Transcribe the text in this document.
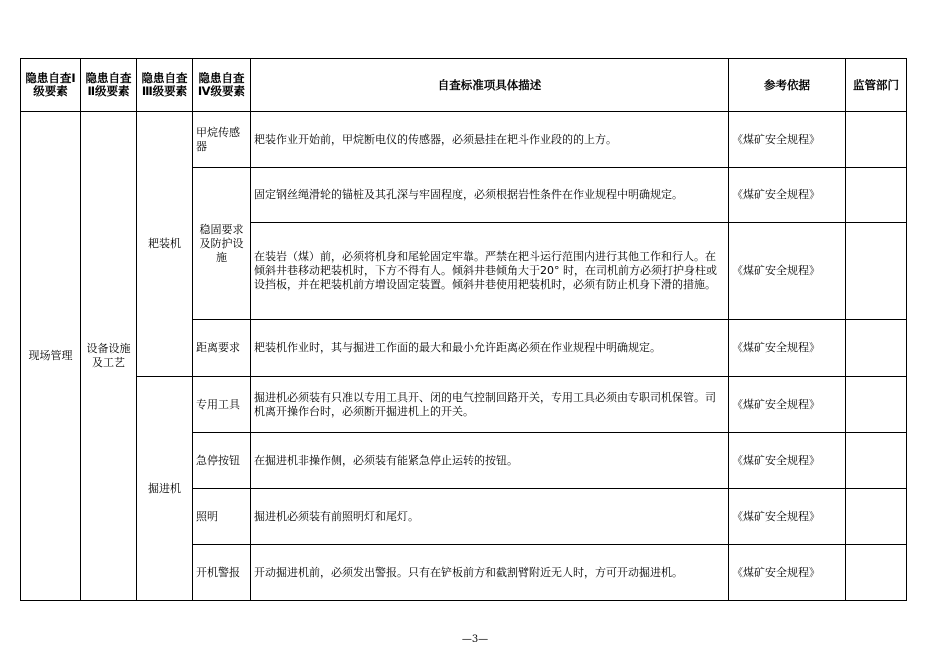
隐患自查Ⅰ级要素	隐患自查Ⅱ级要素	隐患自查Ⅲ级要素	隐患自查Ⅳ级要素	自查标准项具体描述	参考依据	监管部门
现场管理	设备设施及工艺	耙装机	甲烷传感器	耙装作业开始前，甲烷断电仪的传感器，必须悬挂在耙斗作业段的的上方。	《煤矿安全规程》	
			稳固要求及防护设施	固定钢丝绳滑轮的锚桩及其孔深与牢固程度，必须根据岩性条件在作业规程中明确规定。	《煤矿安全规程》	
				在装岩（煤）前，必须将机身和尾轮固定牢靠。严禁在耙斗运行范围内进行其他工作和行人。在倾斜井巷移动耙装机时，下方不得有人。倾斜井巷倾角大于20° 时，在司机前方必须打护身柱或设挡板，并在耙装机前方增设固定装置。倾斜井巷使用耙装机时，必须有防止机身下滑的措施。	《煤矿安全规程》	
			距离要求	耙装机作业时，其与掘进工作面的最大和最小允许距离必须在作业规程中明确规定。	《煤矿安全规程》	
		掘进机	专用工具	掘进机必须装有只准以专用工具开、闭的电气控制回路开关，专用工具必须由专职司机保管。司机离开操作台时，必须断开掘进机上的开关。	《煤矿安全规程》	
			急停按钮	在掘进机非操作侧，必须装有能紧急停止运转的按钮。	《煤矿安全规程》	
			照明	掘进机必须装有前照明灯和尾灯。	《煤矿安全规程》	
			开机警报	开动掘进机前，必须发出警报。只有在铲板前方和截割臂附近无人时，方可开动掘进机。	《煤矿安全规程》	
—3—
